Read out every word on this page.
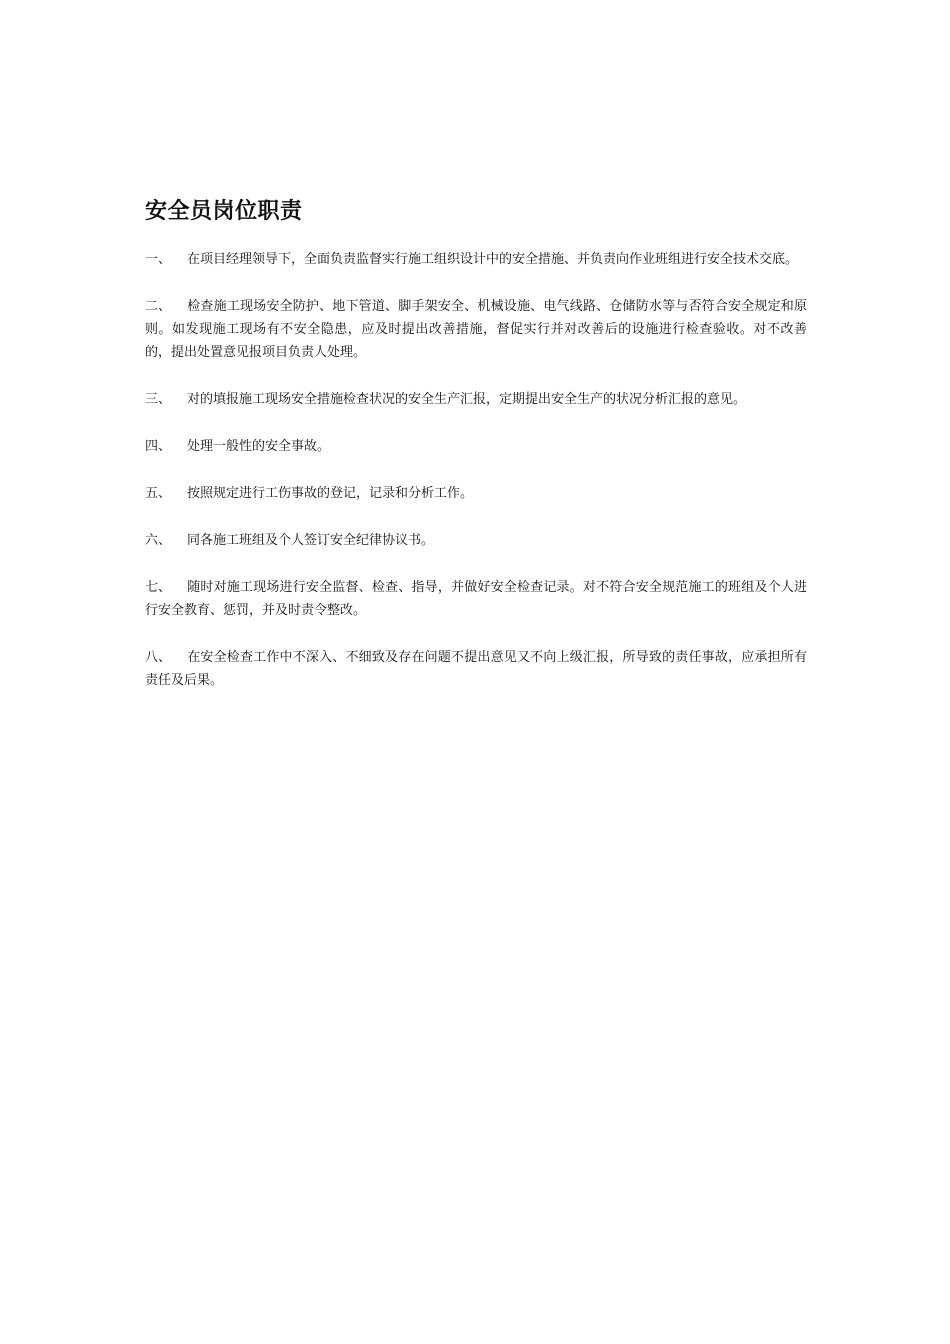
安全员岗位职责

一、 在项目经理领导下，全面负责监督实行施工组织设计中的安全措施、并负责向作业班组进行安全技术交底。

二、 检查施工现场安全防护、地下管道、脚手架安全、机械设施、电气线路、仓储防水等与否符合安全规定和原则。如发现施工现场有不安全隐患，应及时提出改善措施，督促实行并对改善后的设施进行检查验收。对不改善的，提出处置意见报项目负责人处理。

三、 对的填报施工现场安全措施检查状况的安全生产汇报，定期提出安全生产的状况分析汇报的意见。

四、 处理一般性的安全事故。

五、 按照规定进行工伤事故的登记，记录和分析工作。

六、 同各施工班组及个人签订安全纪律协议书。

七、 随时对施工现场进行安全监督、检查、指导，并做好安全检查记录。对不符合安全规范施工的班组及个人进行安全教育、惩罚，并及时责令整改。

八、 在安全检查工作中不深入、不细致及存在问题不提出意见又不向上级汇报，所导致的责任事故，应承担所有责任及后果。
